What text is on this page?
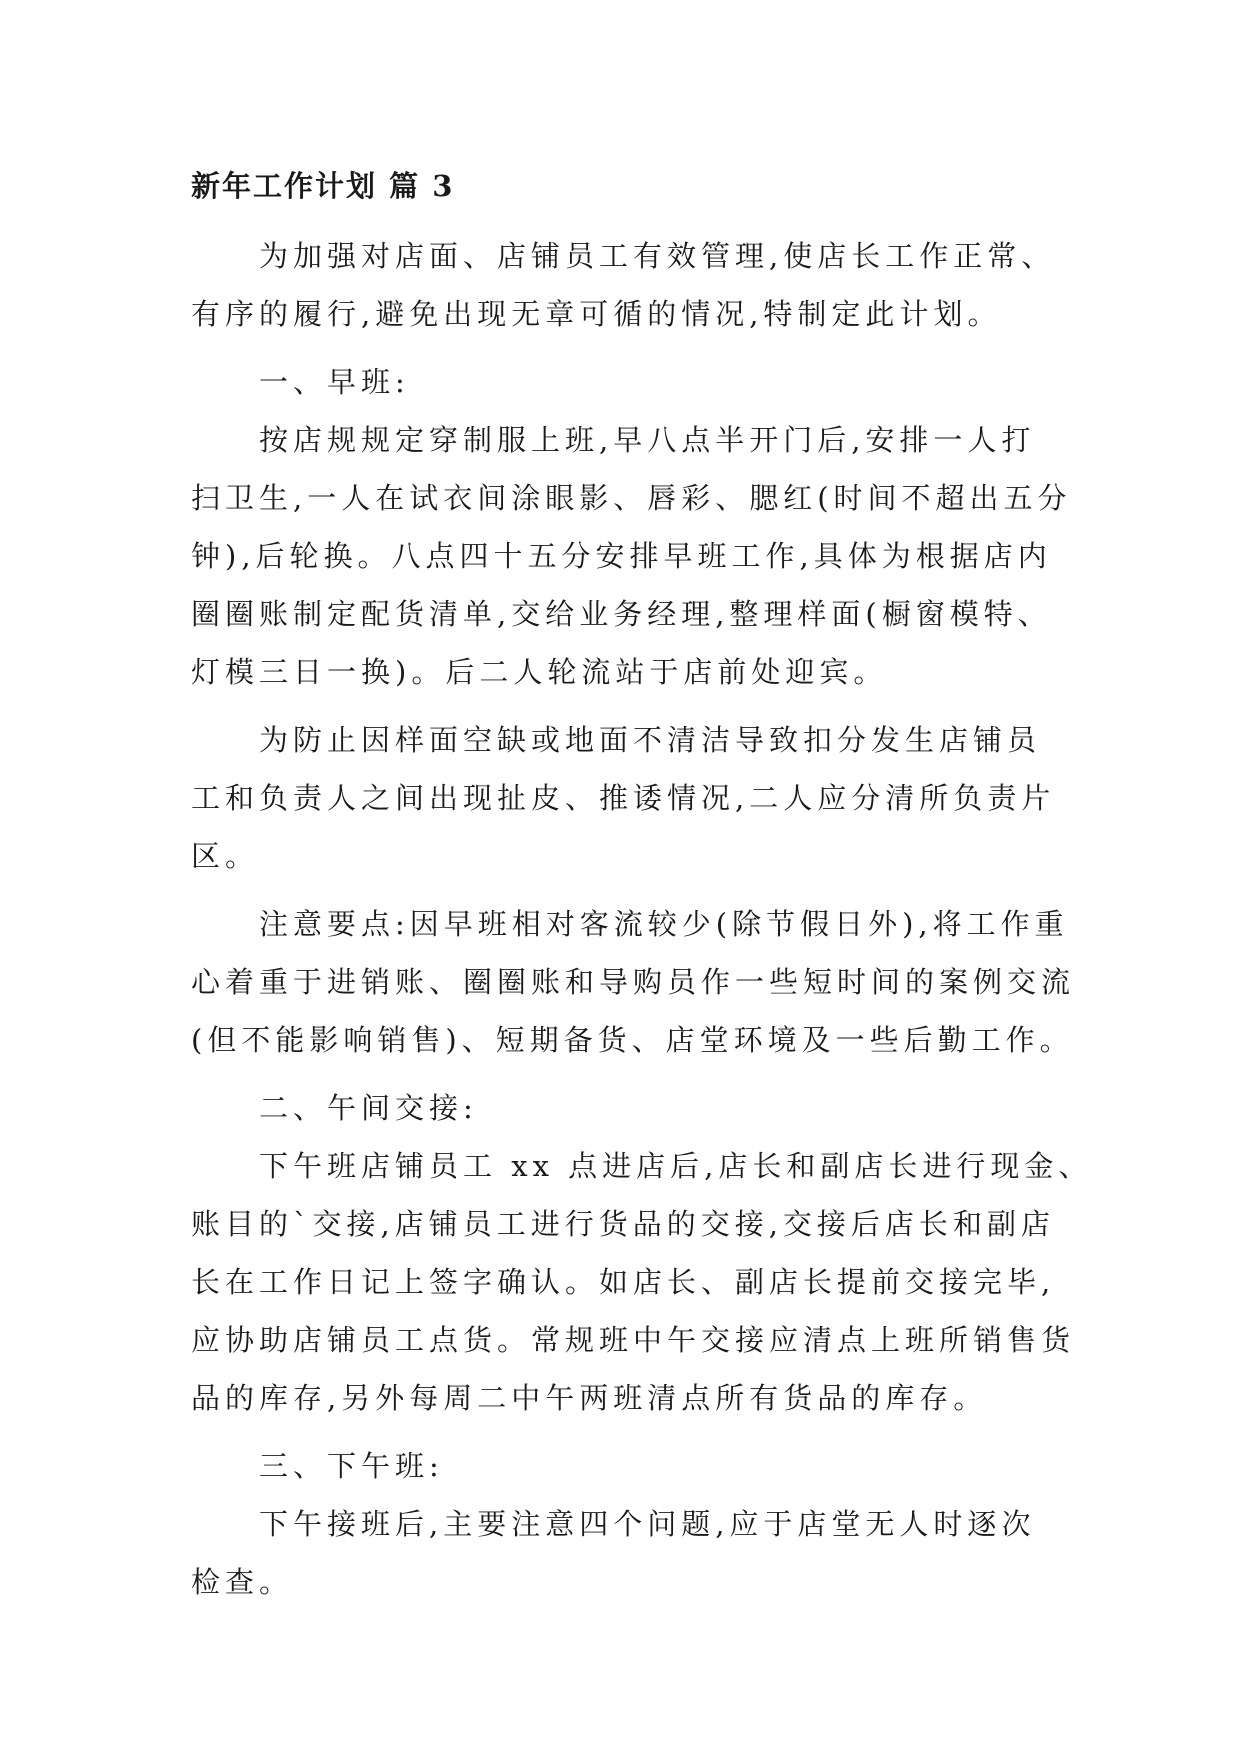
新年工作计划 篇 3

为加强对店面、店铺员工有效管理,使店长工作正常、
有序的履行,避免出现无章可循的情况,特制定此计划。

一、早班:

按店规规定穿制服上班,早八点半开门后,安排一人打
扫卫生,一人在试衣间涂眼影、唇彩、腮红(时间不超出五分
钟),后轮换。八点四十五分安排早班工作,具体为根据店内
圈圈账制定配货清单,交给业务经理,整理样面(橱窗模特、
灯模三日一换)。后二人轮流站于店前处迎宾。

为防止因样面空缺或地面不清洁导致扣分发生店铺员
工和负责人之间出现扯皮、推诿情况,二人应分清所负责片
区。

注意要点:因早班相对客流较少(除节假日外),将工作重
心着重于进销账、圈圈账和导购员作一些短时间的案例交流
(但不能影响销售)、短期备货、店堂环境及一些后勤工作。

二、午间交接:

下午班店铺员工 xx 点进店后,店长和副店长进行现金、
账目的`交接,店铺员工进行货品的交接,交接后店长和副店
长在工作日记上签字确认。如店长、副店长提前交接完毕,
应协助店铺员工点货。常规班中午交接应清点上班所销售货
品的库存,另外每周二中午两班清点所有货品的库存。

三、下午班:

下午接班后,主要注意四个问题,应于店堂无人时逐次
检查。
